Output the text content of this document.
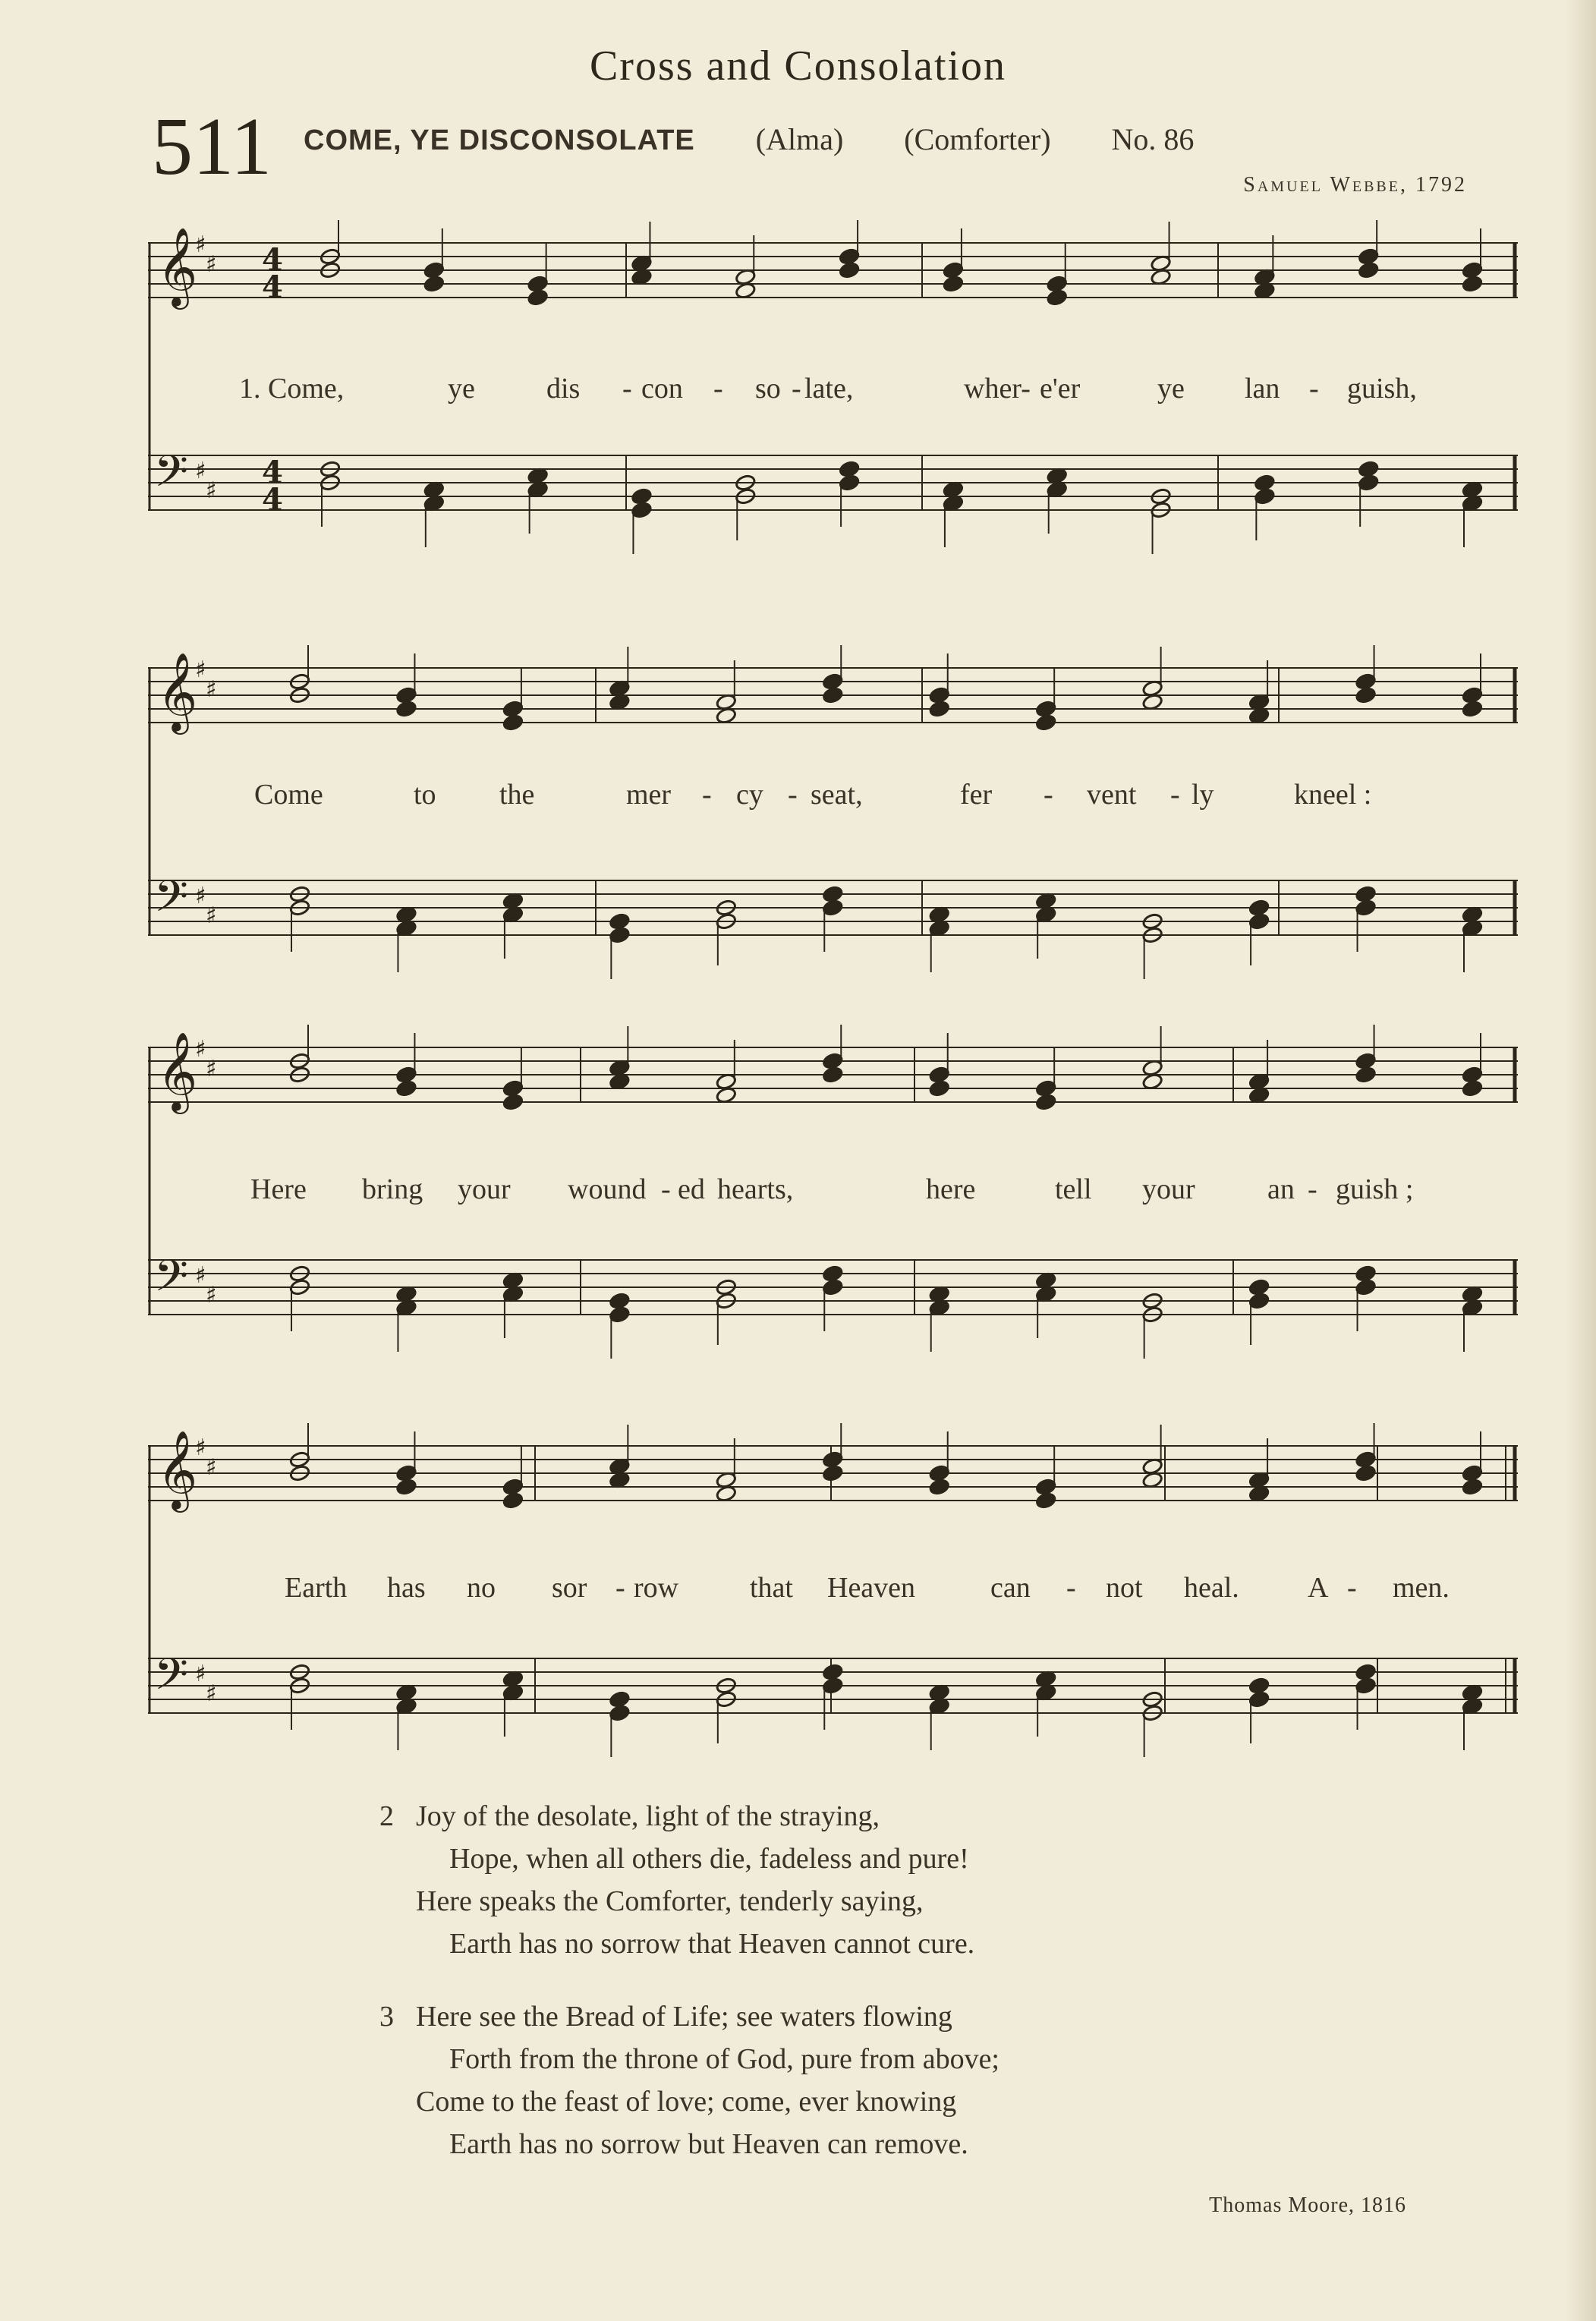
Cross and Consolation
511 COME, YE DISCONSOLATE (Alma) (Comforter) No. 86
Samuel Webbe, 1792
𝄞
𝄢
♯
♯
♯
♯
4
4
4
4
1. Come,	ye dis - con - so - late,	wher- e'er	ye lan - guish,
𝄞
𝄢
♯
♯
♯
♯
Come	to the	mer - cy - seat,	fer - vent - ly	kneel :
𝄞
𝄢
♯
♯
♯
♯
Here bring your wound - ed hearts,	here	tell your	an - guish ;
𝄞
𝄢
♯
♯
♯
♯
Earth has no sor - row that Heaven	can - not heal. A - men.
2 Joy of the desolate, light of the straying,
Hope, when all others die, fadeless and pure!
Here speaks the Comforter, tenderly saying,
Earth has no sorrow that Heaven cannot cure.
3 Here see the Bread of Life; see waters flowing
Forth from the throne of God, pure from above;
Come to the feast of love; come, ever knowing
Earth has no sorrow but Heaven can remove.
Thomas Moore, 1816
